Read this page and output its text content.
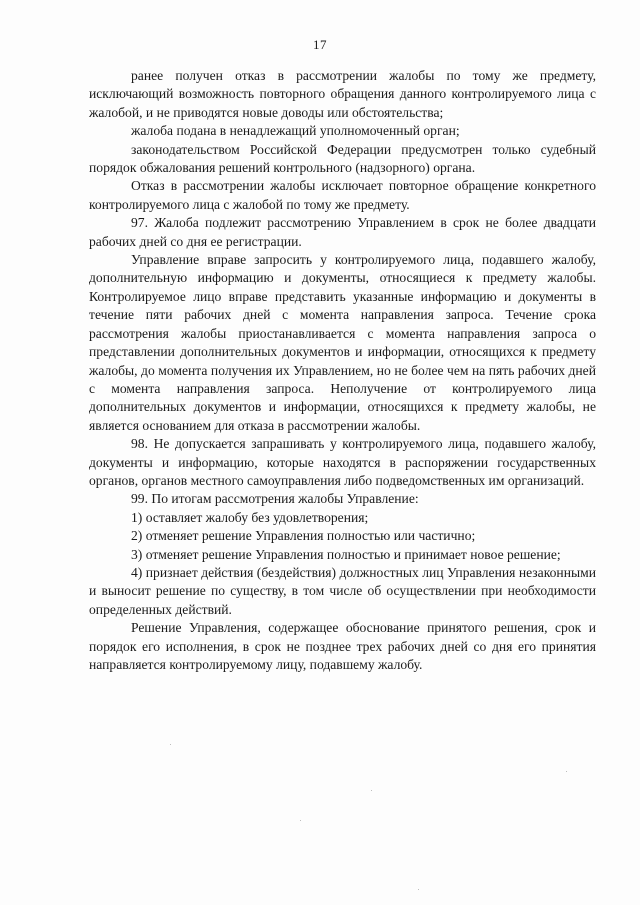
17

ранее получен отказ в рассмотрении жалобы по тому же предмету, исключающий возможность повторного обращения данного контролируемого лица с жалобой, и не приводятся новые доводы или обстоятельства;

жалоба подана в ненадлежащий уполномоченный орган;

законодательством Российской Федерации предусмотрен только судебный порядок обжалования решений контрольного (надзорного) органа.

Отказ в рассмотрении жалобы исключает повторное обращение конкретного контролируемого лица с жалобой по тому же предмету.

97. Жалоба подлежит рассмотрению Управлением в срок не более двадцати рабочих дней со дня ее регистрации.

Управление вправе запросить у контролируемого лица, подавшего жалобу, дополнительную информацию и документы, относящиеся к предмету жалобы. Контролируемое лицо вправе представить указанные информацию и документы в течение пяти рабочих дней с момента направления запроса. Течение срока рассмотрения жалобы приостанавливается с момента направления запроса о представлении дополнительных документов и информации, относящихся к предмету жалобы, до момента получения их Управлением, но не более чем на пять рабочих дней с момента направления запроса. Неполучение от контролируемого лица дополнительных документов и информации, относящихся к предмету жалобы, не является основанием для отказа в рассмотрении жалобы.

98. Не допускается запрашивать у контролируемого лица, подавшего жалобу, документы и информацию, которые находятся в распоряжении государственных органов, органов местного самоуправления либо подведомственных им организаций.

99. По итогам рассмотрения жалобы Управление:

1) оставляет жалобу без удовлетворения;

2) отменяет решение Управления полностью или частично;

3) отменяет решение Управления полностью и принимает новое решение;

4) признает действия (бездействия) должностных лиц Управления незаконными и выносит решение по существу, в том числе об осуществлении при необходимости определенных действий.

Решение Управления, содержащее обоснование принятого решения, срок и порядок его исполнения, в срок не позднее трех рабочих дней со дня его принятия направляется контролируемому лицу, подавшему жалобу.
